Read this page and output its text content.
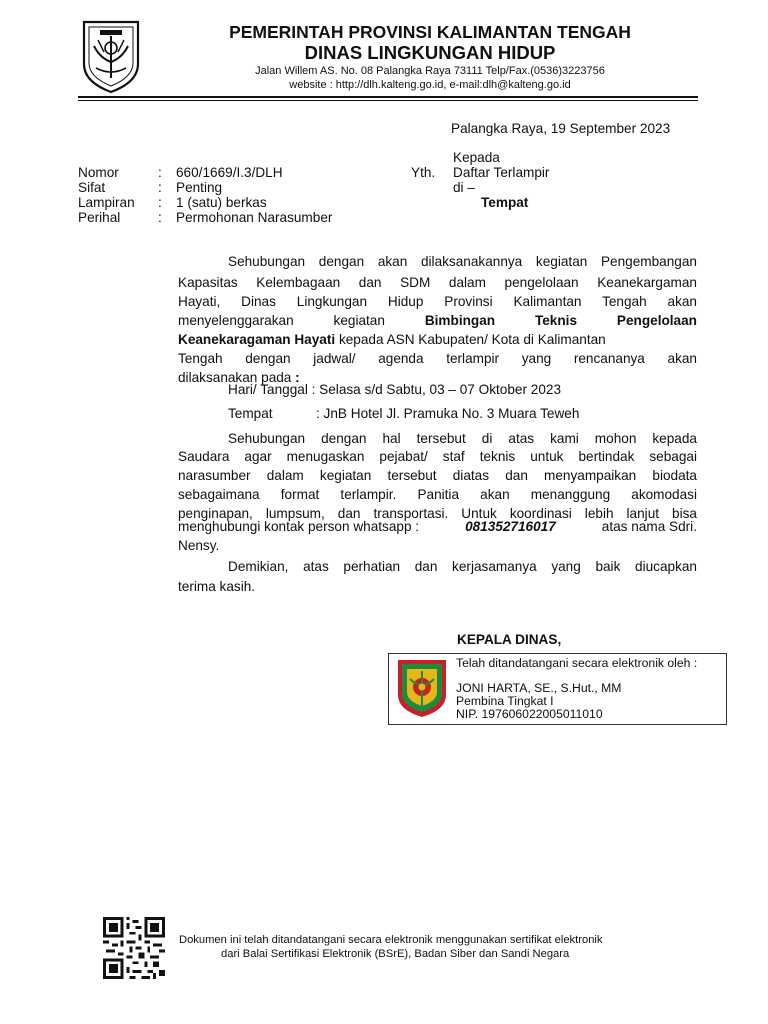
PEMERINTAH PROVINSI KALIMANTAN TENGAH
DINAS LINGKUNGAN HIDUP
Jalan Willem AS. No. 08 Palangka Raya 73111 Telp/Fax.(0536)3223756
website : http://dlh.kalteng.go.id, e-mail:dlh@kalteng.go.id
Palangka Raya, 19 September 2023
Kepada
Yth. Daftar Terlampir
di –
Tempat
Nomor	: 660/1669/I.3/DLH
Sifat	: Penting
Lampiran : 1 (satu) berkas
Perihal	: Permohonan Narasumber
Sehubungan dengan akan dilaksanakannya kegiatan Pengembangan
Kapasitas Kelembagaan dan SDM dalam pengelolaan Keanekargaman
Hayati, Dinas Lingkungan Hidup Provinsi Kalimantan Tengah akan
menyelenggarakan	kegiatan	Bimbingan	Teknis	Pengelolaan
Keanekaragaman Hayati kepada ASN Kabupaten/ Kota di Kalimantan
Tengah dengan jadwal/ agenda terlampir yang rencananya akan
dilaksanakan pada :
Hari/ Tanggal : Selasa s/d Sabtu, 03 – 07 Oktober 2023
Tempat	: JnB Hotel Jl. Pramuka No. 3 Muara Teweh
Sehubungan dengan hal tersebut di atas kami mohon kepada
Saudara agar menugaskan pejabat/ staf teknis untuk bertindak sebagai
narasumber dalam kegiatan tersebut diatas dan menyampaikan biodata
sebagaimana format terlampir. Panitia akan menanggung akomodasi
penginapan, lumpsum, dan transportasi. Untuk koordinasi lebih lanjut bisa
menghubungi kontak person whatsapp :	081352716017	atas nama Sdri.
Nensy.
Demikian, atas perhatian dan kerjasamanya yang baik diucapkan
terima kasih.
KEPALA DINAS,
Telah ditandatangani secara elektronik oleh :
JONI HARTA, SE., S.Hut., MM
Pembina Tingkat I
NIP. 197606022005011010
Dokumen ini telah ditandatangani secara elektronik menggunakan sertifikat elektronik
dari Balai Sertifikasi Elektronik (BSrE), Badan Siber dan Sandi Negara
